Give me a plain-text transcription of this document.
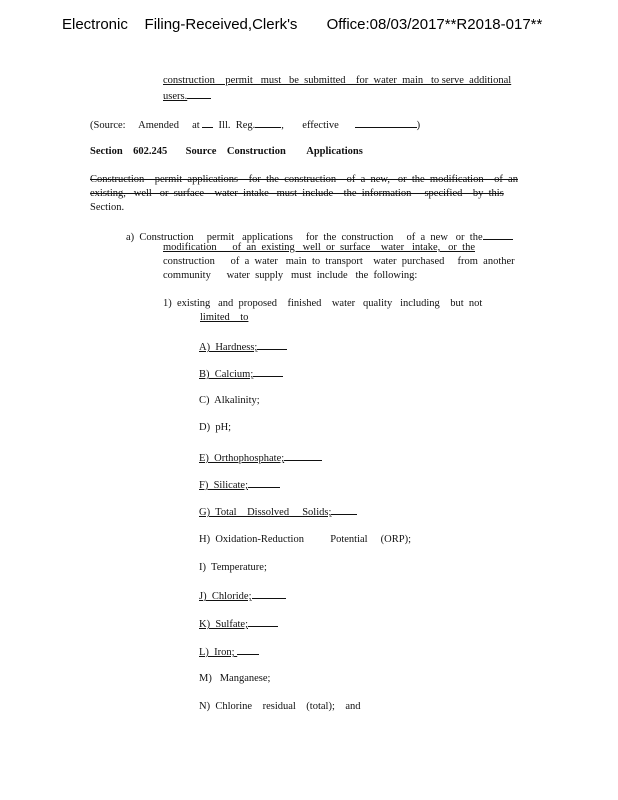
Electronic    Filing-Received,Clerk's       Office:08/03/2017**R2018-017**
construction    permit   must   be  submitted    for  water  main   to serve  additional
users.
(Source: Amended at Ill.  Reg. , effective	)
Section    602.245 Source    Construction        Applications
Construction    permit  applications    for  the  construction    of  a  new,   or  the  modification    of  an
existing,   well   or  surface    water  intake   must  include    the  information     specified    by  this
Section.
a)  Construction     permit   applications     for  the  construction     of  a  new   or  the
modification      of  an  existing   well  or  surface    water   intake,   or  the
construction      of  a  water   main  to  transport    water  purchased     from  another
community      water  supply   must  include   the  following:
1)  existing   and  proposed    finished    water   quality   including    but  not
limited    to
A)  Hardness;
B)  Calcium;
C)  Alkalinity;
D)  pH;
E)  Orthophosphate;
F)  Silicate;
G)  Total    Dissolved     Solids;
H)  Oxidation-Reduction          Potential     (ORP);
I)  Temperature;
J)  Chloride;
K)  Sulfate;
L)  Iron;
M)   Manganese;
N)  Chlorine    residual    (total);    and
